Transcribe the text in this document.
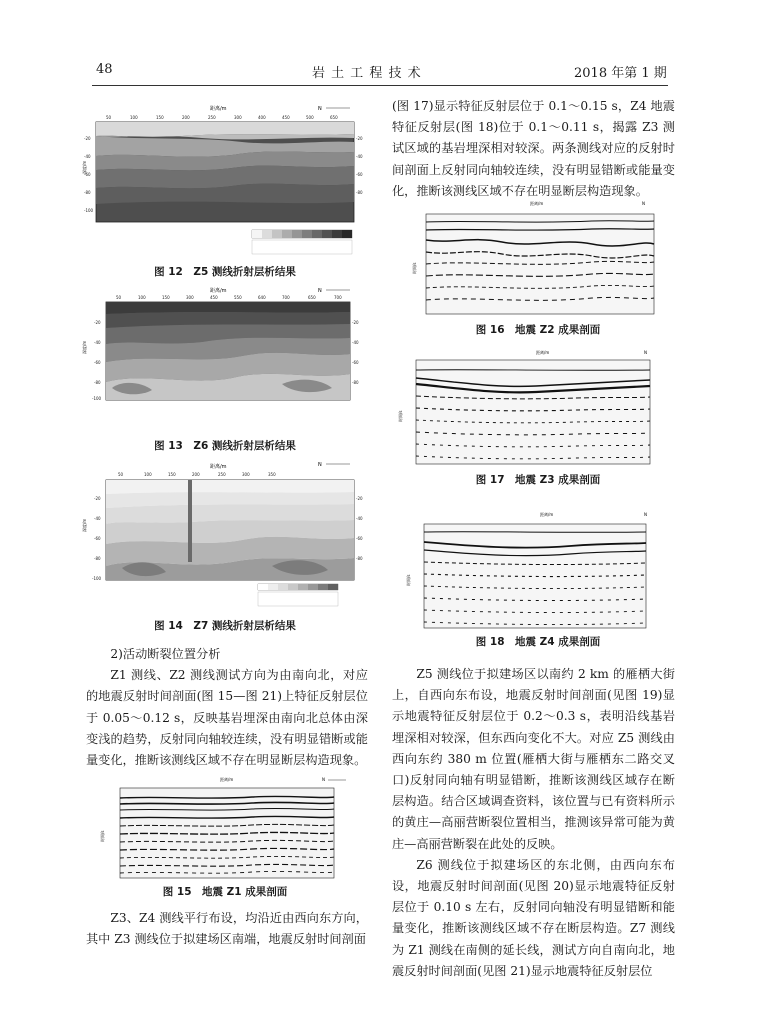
48	岩 土 工 程 技 术	2018 年第 1 期
距离/m	N
50	100	150	200	250	300	400	450	500	650
-20
-40
-60
-80
-100
-20
-40
-60
-80
深度/m
图 12　Z5 测线折射层析结果
距离/m	N
50	100	150	300	450	550	640	700	650	700
-20
-40
-60
-80
-100
-20
-40
-60
-80
深度/m
图 13　Z6 测线折射层析结果
距离/m	N
50	100	150	200	250	300	350
-20
-40
-60
-80
-100
-20
-40
-60
-80
深度/m
图 14　Z7 测线折射层析结果

2)活动断裂位置分析

Z1 测线、Z2 测线测试方向为由南向北，对应的地震反射时间剖面(图 15—图 21)上特征反射层位于 0.05～0.12 s，反映基岩埋深由南向北总体由深变浅的趋势，反射同向轴较连续，没有明显错断或能量变化，推断该测线区域不存在明显断层构造现象。

距离/m	N
时间/s
图 15　地震 Z1 成果剖面

Z3、Z4 测线平行布设，均沿近由西向东方向，其中 Z3 测线位于拟建场区南端，地震反射时间剖面

(图 17)显示特征反射层位于 0.1～0.15 s，Z4 地震特征反射层(图 18)位于 0.1～0.11 s，揭露 Z3 测试区域的基岩埋深相对较深。两条测线对应的反射时间剖面上反射同向轴较连续，没有明显错断或能量变化，推断该测线区域不存在明显断层构造现象。

距离/m	N
时间/s
图 16　地震 Z2 成果剖面
距离/m	N
时间/s
图 17　地震 Z3 成果剖面
距离/m	N
时间/s
图 18　地震 Z4 成果剖面

Z5 测线位于拟建场区以南约 2 km 的雁栖大街上，自西向东布设，地震反射时间剖面(见图 19)显示地震特征反射层位于 0.2～0.3 s，表明沿线基岩埋深相对较深，但东西向变化不大。对应 Z5 测线由西向东约 380 m 位置(雁栖大街与雁栖东二路交叉口)反射同向轴有明显错断，推断该测线区域存在断层构造。结合区域调查资料，该位置与已有资料所示的黄庄—高丽营断裂位置相当，推测该异常可能为黄庄—高丽营断裂在此处的反映。

Z6 测线位于拟建场区的东北侧，由西向东布设，地震反射时间剖面(见图 20)显示地震特征反射层位于 0.10 s 左右，反射同向轴没有明显错断和能量变化，推断该测线区域不存在断层构造。Z7 测线为 Z1 测线在南侧的延长线，测试方向自南向北，地震反射时间剖面(见图 21)显示地震特征反射层位
